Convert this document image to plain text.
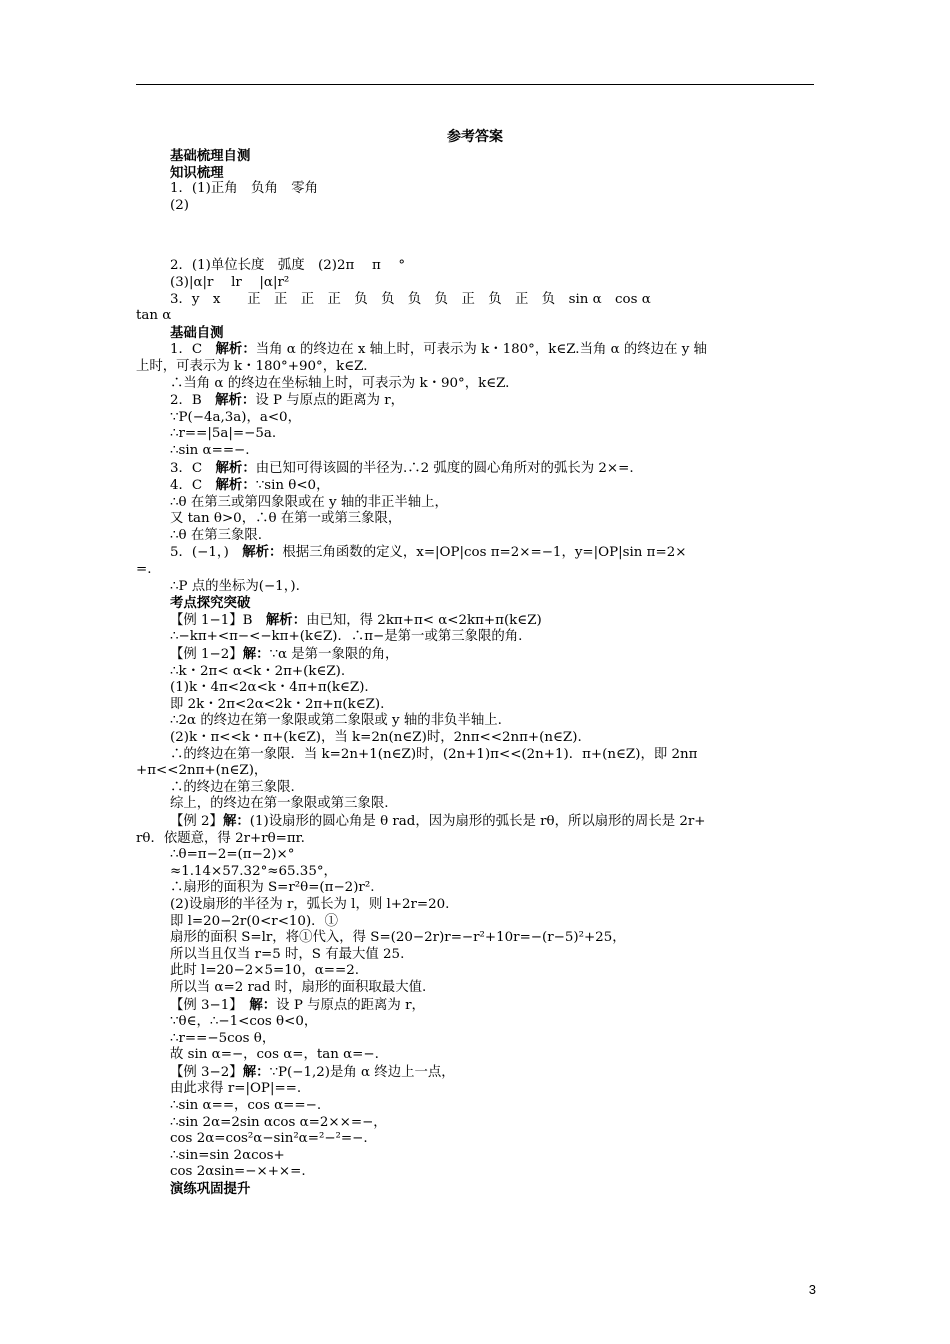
参考答案
基础梳理自测
知识梳理
1．(1)正角　负角　零角
(2)
2．(1)单位长度　弧度　(2)2π　 π　 °
(3)|α|r　 lr　 |α|r²
3．y　x　　正　正　正　正　负　负　负　负　正　负　正　负　sin α　cos α
tan α
基础自测
1．C　解析：当角 α 的终边在 x 轴上时，可表示为 k・180°，k∈Z.当角 α 的终边在 y 轴
上时，可表示为 k・180°+90°，k∈Z.
∴当角 α 的终边在坐标轴上时，可表示为 k・90°，k∈Z.
2．B　解析：设 P 与原点的距离为 r，
∵P(−4a,3a)，a<0，
∴r==|5a|=−5a.
∴sin α==−.
3．C　解析：由已知可得该圆的半径为.∴2 弧度的圆心角所对的弧长为 2×=.
4．C　解析：∵sin θ<0，
∴θ 在第三或第四象限或在 y 轴的非正半轴上，
又 tan θ>0，∴θ 在第一或第三象限，
∴θ 在第三象限.
5．(−1，)　解析：根据三角函数的定义，x=|OP|cos π=2×=−1，y=|OP|sin π=2×
=.
∴P 点的坐标为(−1，).
考点探究突破
【例 1−1】B　解析：由已知，得 2kπ+π< α<2kπ+π(k∈Z)
∴−kπ+<π−<−kπ+(k∈Z)．∴π−是第一或第三象限的角.
【例 1−2】解：∵α 是第一象限的角，
∴k・2π< α<k・2π+(k∈Z).
(1)k・4π<2α<k・4π+π(k∈Z).
即 2k・2π<2α<2k・2π+π(k∈Z).
∴2α 的终边在第一象限或第二象限或 y 轴的非负半轴上.
(2)k・π<<k・π+(k∈Z)，当 k=2n(n∈Z)时，2nπ<<2nπ+(n∈Z).
∴的终边在第一象限．当 k=2n+1(n∈Z)时，(2n+1)π<<(2n+1)．π+(n∈Z)，即 2nπ
+π<<2nπ+(n∈Z)，
∴的终边在第三象限.
综上，的终边在第一象限或第三象限.
【例 2】解：(1)设扇形的圆心角是 θ rad，因为扇形的弧长是 rθ，所以扇形的周长是 2r+
rθ．依题意，得 2r+rθ=πr.
∴θ=π−2=(π−2)×°
≈1.14×57.32°≈65.35°，
∴扇形的面积为 S=r²θ=(π−2)r².
(2)设扇形的半径为 r，弧长为 l，则 l+2r=20.
即 l=20−2r(0<r<10)．①
扇形的面积 S=lr，将①代入，得 S=(20−2r)r=−r²+10r=−(r−5)²+25，
所以当且仅当 r=5 时，S 有最大值 25.
此时 l=20−2×5=10，α==2.
所以当 α=2 rad 时，扇形的面积取最大值.
【例 3−1】　解：设 P 与原点的距离为 r，
∵θ∈，∴−1<cos θ<0，
∴r==−5cos θ，
故 sin α=−，cos α=，tan α=−.
【例 3−2】解：∵P(−1,2)是角 α 终边上一点，
由此求得 r=|OP|==.
∴sin α==，cos α==−.
∴sin 2α=2sin αcos α=2××=−，
cos 2α=cos²α−sin²α=²−²=−.
∴sin=sin 2αcos+
cos 2αsin=−×+×=.
演练巩固提升
3
